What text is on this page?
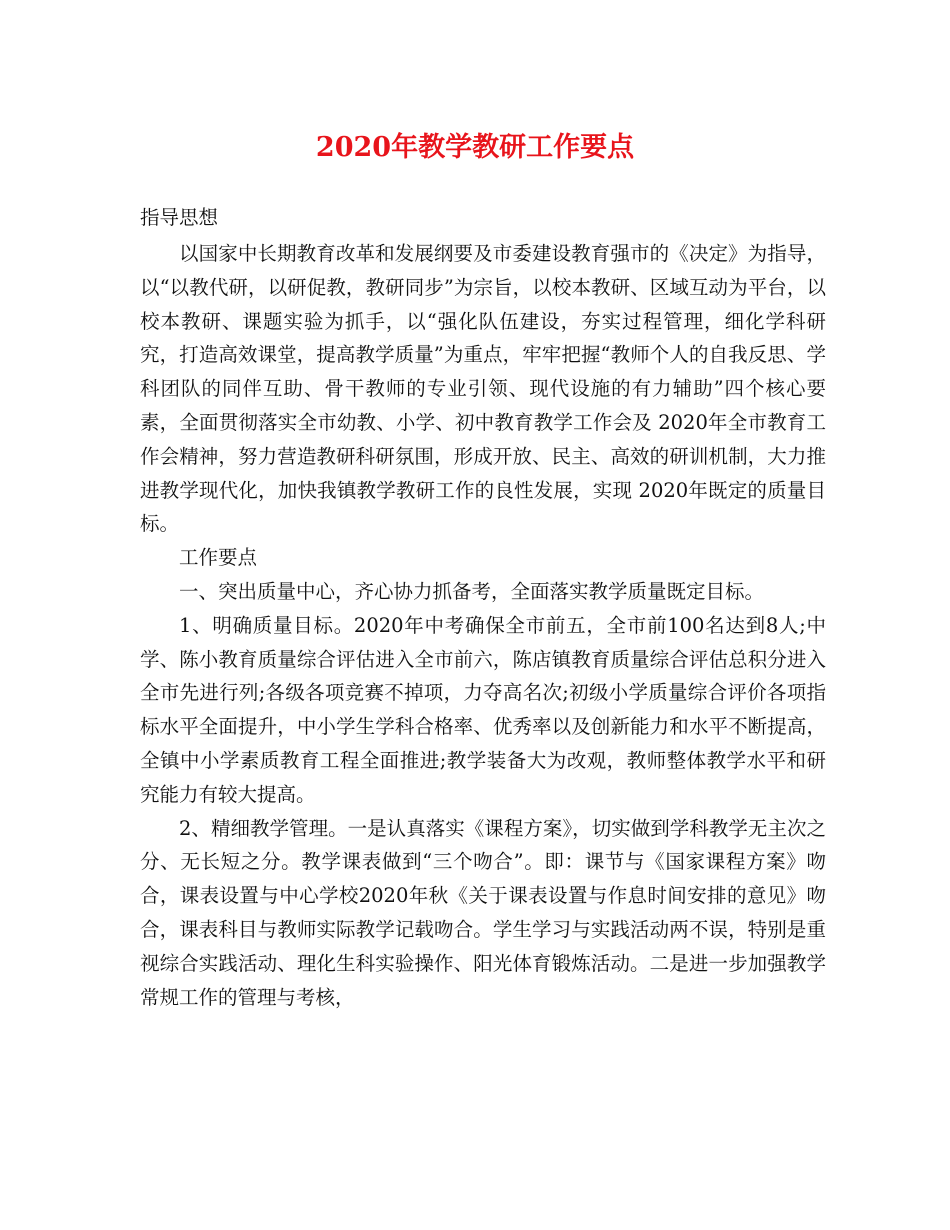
2020年教学教研工作要点

指导思想

以国家中长期教育改革和发展纲要及市委建设教育强市的《决定》为指导，以“以教代研，以研促教，教研同步”为宗旨，以校本教研、区域互动为平台，以校本教研、课题实验为抓手，以“强化队伍建设，夯实过程管理，细化学科研究，打造高效课堂，提高教学质量”为重点，牢牢把握“教师个人的自我反思、学科团队的同伴互助、骨干教师的专业引领、现代设施的有力辅助”四个核心要素，全面贯彻落实全市幼教、小学、初中教育教学工作会及 2020年全市教育工作会精神，努力营造教研科研氛围，形成开放、民主、高效的研训机制，大力推进教学现代化，加快我镇教学教研工作的良性发展，实现 2020年既定的质量目标。

工作要点

一、突出质量中心，齐心协力抓备考，全面落实教学质量既定目标。

1、明确质量目标。2020年中考确保全市前五，全市前100名达到8人;中学、陈小教育质量综合评估进入全市前六，陈店镇教育质量综合评估总积分进入全市先进行列;各级各项竞赛不掉项，力夺高名次;初级小学质量综合评价各项指标水平全面提升，中小学生学科合格率、优秀率以及创新能力和水平不断提高，全镇中小学素质教育工程全面推进;教学装备大为改观，教师整体教学水平和研究能力有较大提高。

2、精细教学管理。一是认真落实《课程方案》，切实做到学科教学无主次之分、无长短之分。教学课表做到“三个吻合”。即：课节与《国家课程方案》吻合，课表设置与中心学校2020年秋《关于课表设置与作息时间安排的意见》吻合，课表科目与教师实际教学记载吻合。学生学习与实践活动两不误，特别是重视综合实践活动、理化生科实验操作、阳光体育锻炼活动。二是进一步加强教学常规工作的管理与考核，
